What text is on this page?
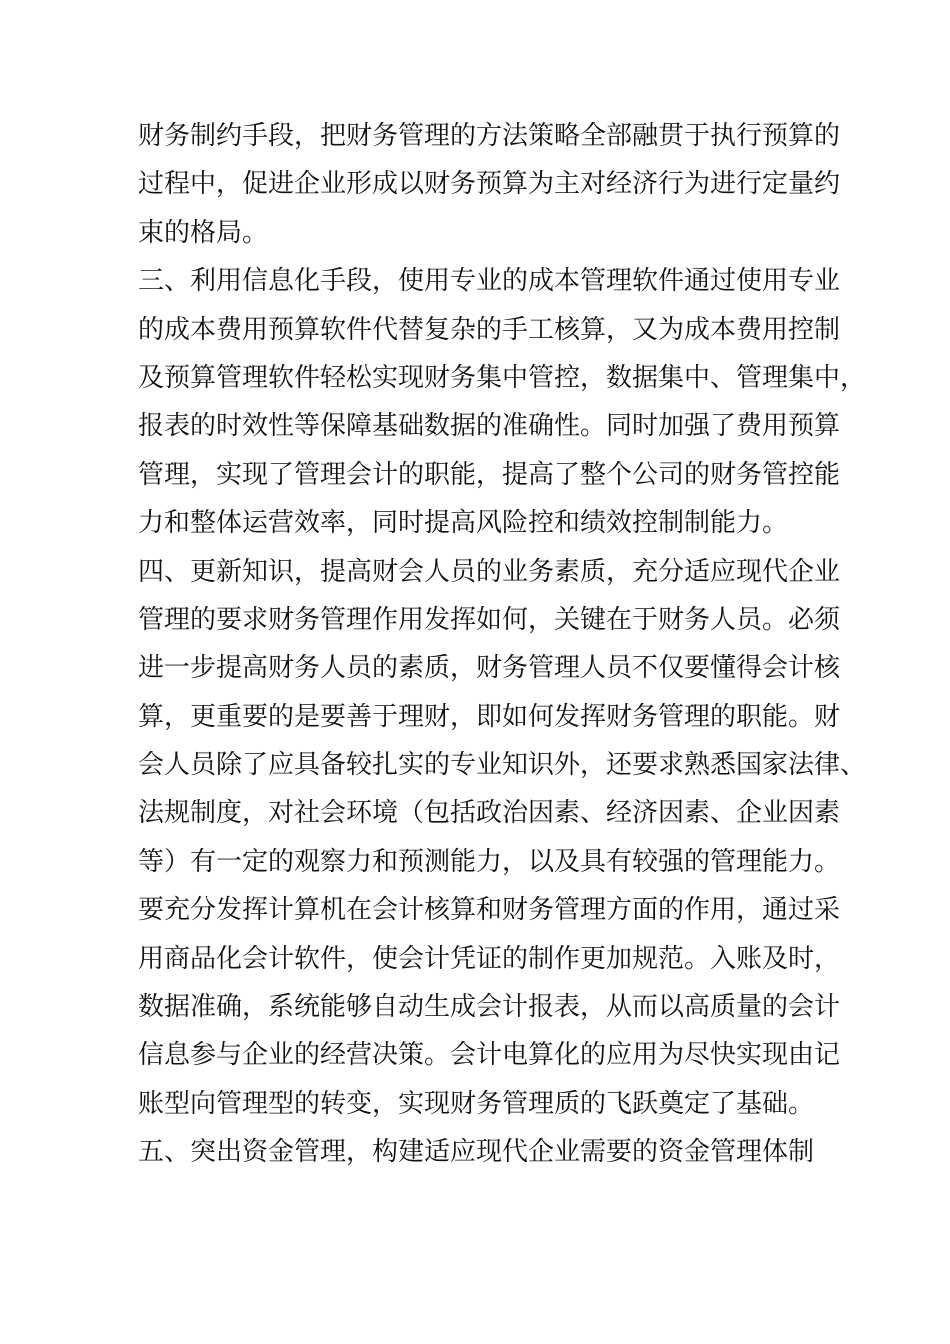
财务制约手段，把财务管理的方法策略全部融贯于执行预算的
过程中，促进企业形成以财务预算为主对经济行为进行定量约
束的格局。
三、利用信息化手段，使用专业的成本管理软件通过使用专业
的成本费用预算软件代替复杂的手工核算，又为成本费用控制
及预算管理软件轻松实现财务集中管控，数据集中、管理集中，
报表的时效性等保障基础数据的准确性。同时加强了费用预算
管理，实现了管理会计的职能，提高了整个公司的财务管控能
力和整体运营效率，同时提高风险控和绩效控制制能力。
四、更新知识，提高财会人员的业务素质，充分适应现代企业
管理的要求财务管理作用发挥如何，关键在于财务人员。必须
进一步提高财务人员的素质，财务管理人员不仅要懂得会计核
算，更重要的是要善于理财，即如何发挥财务管理的职能。财
会人员除了应具备较扎实的专业知识外，还要求熟悉国家法律、
法规制度，对社会环境（包括政治因素、经济因素、企业因素
等）有一定的观察力和预测能力，以及具有较强的管理能力。
要充分发挥计算机在会计核算和财务管理方面的作用，通过采
用商品化会计软件，使会计凭证的制作更加规范。入账及时，
数据准确，系统能够自动生成会计报表，从而以高质量的会计
信息参与企业的经营决策。会计电算化的应用为尽快实现由记
账型向管理型的转变，实现财务管理质的飞跃奠定了基础。
五、突出资金管理，构建适应现代企业需要的资金管理体制
